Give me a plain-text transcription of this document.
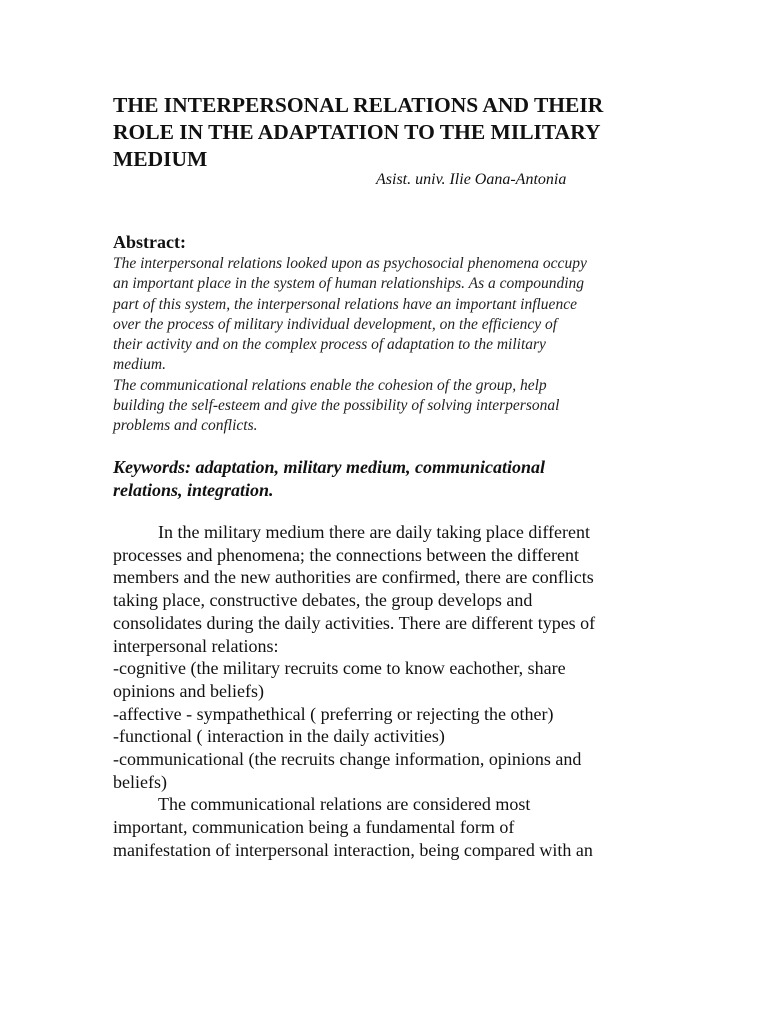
THE INTERPERSONAL RELATIONS AND THEIR
ROLE IN THE ADAPTATION TO THE MILITARY
MEDIUM

Asist. univ. Ilie Oana-Antonia

Abstract:

The interpersonal relations looked upon as psychosocial phenomena occupy
an important place in the system of human relationships. As a compounding
part of this system, the interpersonal relations have an important influence
over the process of military individual development, on the efficiency of
their activity and on the complex process of adaptation to the military
medium.
The communicational relations enable the cohesion of the group, help
building the self-esteem and give the possibility of solving interpersonal
problems and conflicts.

Keywords: adaptation, military medium, communicational
relations, integration.

In the military medium there are daily taking place different
processes and phenomena; the connections between the different
members and the new authorities are confirmed, there are conflicts
taking place, constructive debates, the group develops and
consolidates during the daily activities. There are different types of
interpersonal relations:
-cognitive (the military recruits come to know eachother, share
opinions and beliefs)
-affective - sympathethical ( preferring or rejecting the other)
-functional ( interaction in the daily activities)
-communicational (the recruits change information, opinions and
beliefs)
The communicational relations are considered most
important, communication being a fundamental form of
manifestation of interpersonal interaction, being compared with an
